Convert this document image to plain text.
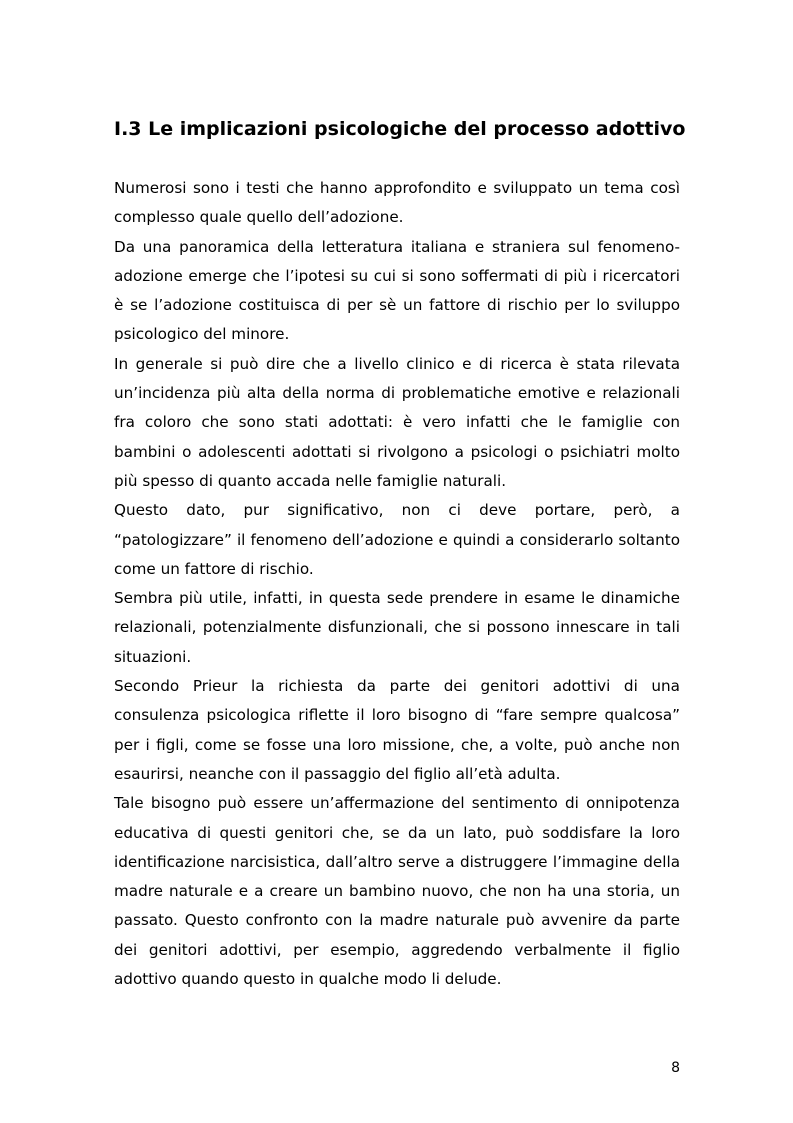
I.3 Le implicazioni psicologiche del processo adottivo

Numerosi sono i testi che hanno approfondito e sviluppato un tema così complesso quale quello dell’adozione.

Da una panoramica della letteratura italiana e straniera sul fenomeno-adozione emerge che l’ipotesi su cui si sono soffermati di più i ricercatori è se l’adozione costituisca di per sè un fattore di rischio per lo sviluppo psicologico del minore.

In generale si può dire che a livello clinico e di ricerca è stata rilevata un’incidenza più alta della norma di problematiche emotive e relazionali fra coloro che sono stati adottati: è vero infatti che le famiglie con bambini o adolescenti adottati si rivolgono a psicologi o psichiatri molto più spesso di quanto accada nelle famiglie naturali.

Questo dato, pur significativo, non ci deve portare, però, a “patologizzare” il fenomeno dell’adozione e quindi a considerarlo soltanto come un fattore di rischio.

Sembra più utile, infatti, in questa sede prendere in esame le dinamiche relazionali, potenzialmente disfunzionali, che si possono innescare in tali situazioni.

Secondo Prieur la richiesta da parte dei genitori adottivi di una consulenza psicologica riflette il loro bisogno di “fare sempre qualcosa” per i figli, come se fosse una loro missione, che, a volte, può anche non esaurirsi, neanche con il passaggio del figlio all’età adulta.

Tale bisogno può essere un’affermazione del sentimento di onnipotenza educativa di questi genitori che, se da un lato, può soddisfare la loro identificazione narcisistica, dall’altro serve a distruggere l’immagine della madre naturale e a creare un bambino nuovo, che non ha una storia, un passato. Questo confronto con la madre naturale può avvenire da parte dei genitori adottivi, per esempio, aggredendo verbalmente il figlio adottivo quando questo in qualche modo li delude.

8
